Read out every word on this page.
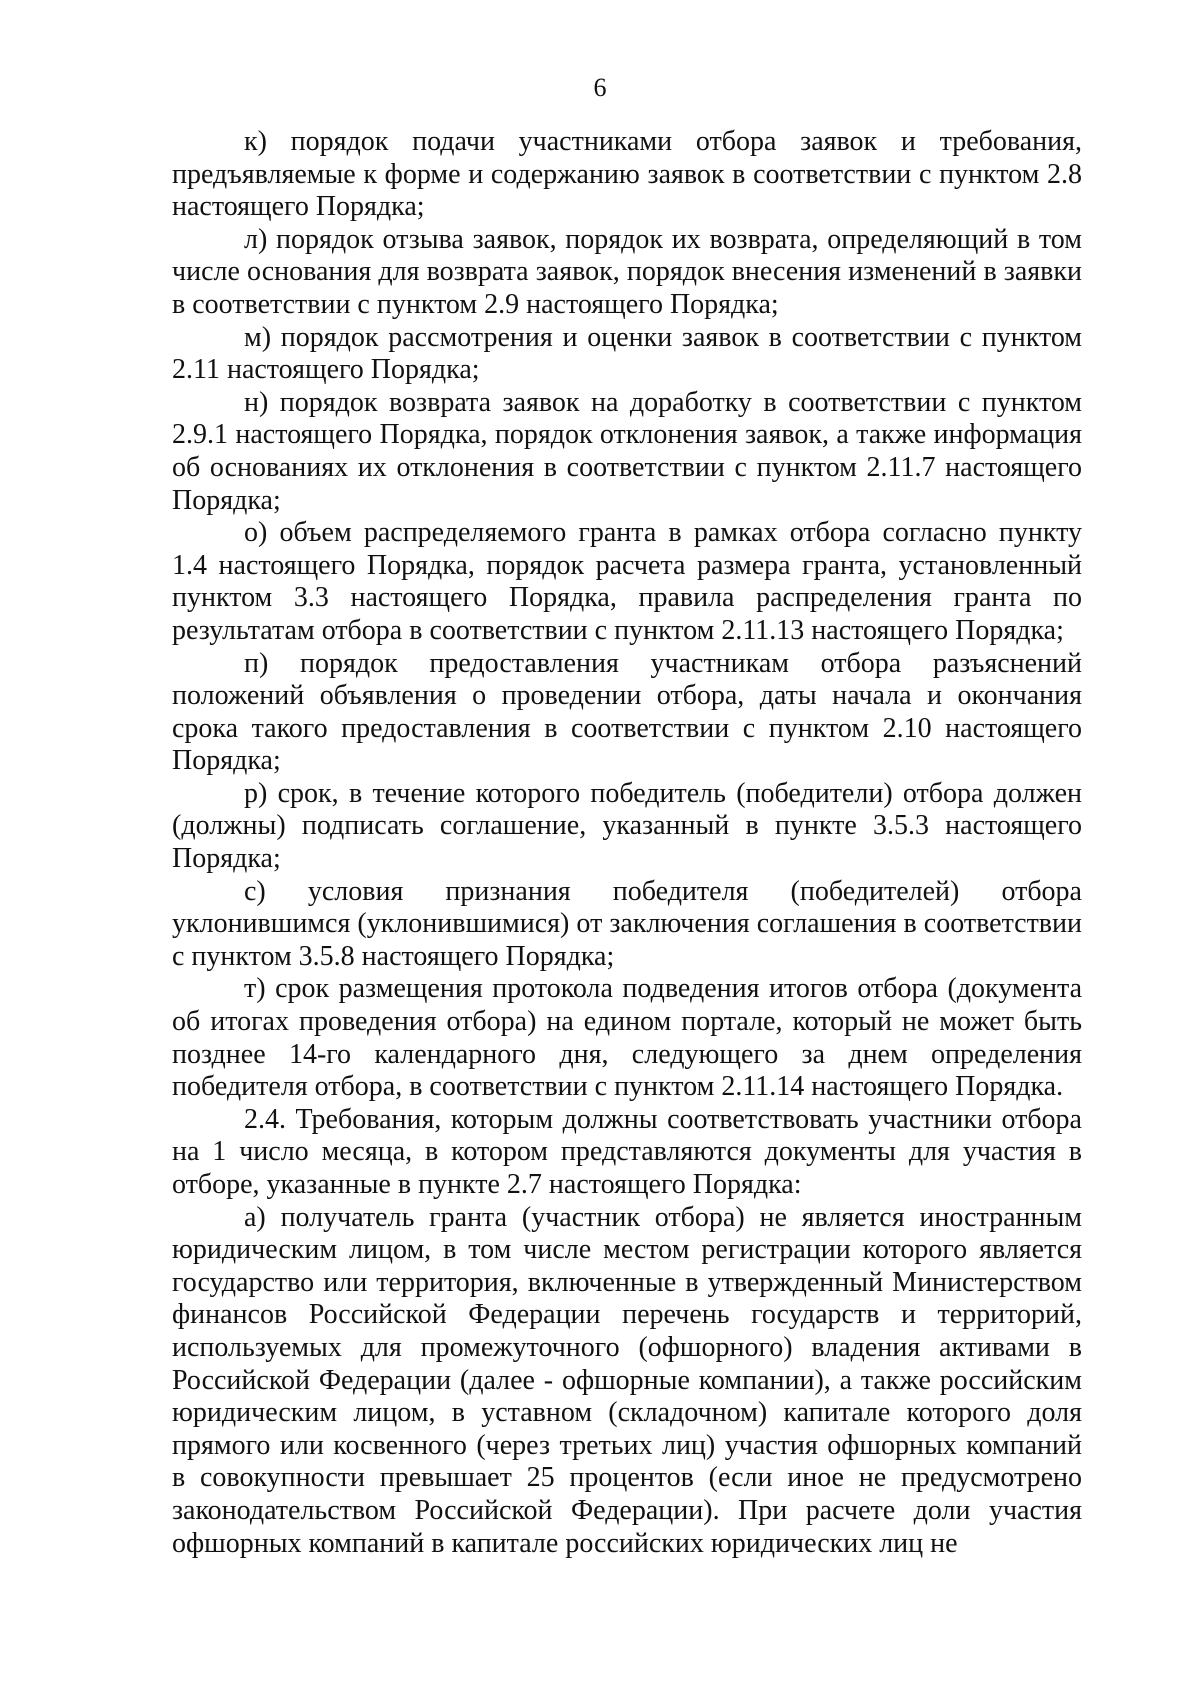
6

к) порядок подачи участниками отбора заявок и требования, предъявляемые к форме и содержанию заявок в соответствии с пунктом 2.8 настоящего Порядка;

л) порядок отзыва заявок, порядок их возврата, определяющий в том числе основания для возврата заявок, порядок внесения изменений в заявки в соответствии с пунктом 2.9 настоящего Порядка;

м) порядок рассмотрения и оценки заявок в соответствии с пунктом 2.11 настоящего Порядка;

н) порядок возврата заявок на доработку в соответствии с пунктом 2.9.1 настоящего Порядка, порядок отклонения заявок, а также информация об основаниях их отклонения в соответствии с пунктом 2.11.7 настоящего Порядка;

о) объем распределяемого гранта в рамках отбора согласно пункту 1.4 настоящего Порядка, порядок расчета размера гранта, установленный пунктом 3.3 настоящего Порядка, правила распределения гранта по результатам отбора в соответствии с пунктом 2.11.13 настоящего Порядка;

п) порядок предоставления участникам отбора разъяснений положений объявления о проведении отбора, даты начала и окончания срока такого предоставления в соответствии с пунктом 2.10 настоящего Порядка;

р) срок, в течение которого победитель (победители) отбора должен (должны) подписать соглашение, указанный в пункте 3.5.3 настоящего Порядка;

с) условия признания победителя (победителей) отбора уклонившимся (уклонившимися) от заключения соглашения в соответствии с пунктом 3.5.8 настоящего Порядка;

т) срок размещения протокола подведения итогов отбора (документа об итогах проведения отбора) на едином портале, который не может быть позднее 14-го календарного дня, следующего за днем определения победителя отбора, в соответствии с пунктом 2.11.14 настоящего Порядка.

2.4. Требования, которым должны соответствовать участники отбора на 1 число месяца, в котором представляются документы для участия в отборе, указанные в пункте 2.7 настоящего Порядка:

а) получатель гранта (участник отбора) не является иностранным юридическим лицом, в том числе местом регистрации которого является государство или территория, включенные в утвержденный Министерством финансов Российской Федерации перечень государств и территорий, используемых для промежуточного (офшорного) владения активами в Российской Федерации (далее - офшорные компании), а также российским юридическим лицом, в уставном (складочном) капитале которого доля прямого или косвенного (через третьих лиц) участия офшорных компаний в совокупности превышает 25 процентов (если иное не предусмотрено законодательством Российской Федерации). При расчете доли участия офшорных компаний в капитале российских юридических лиц не
